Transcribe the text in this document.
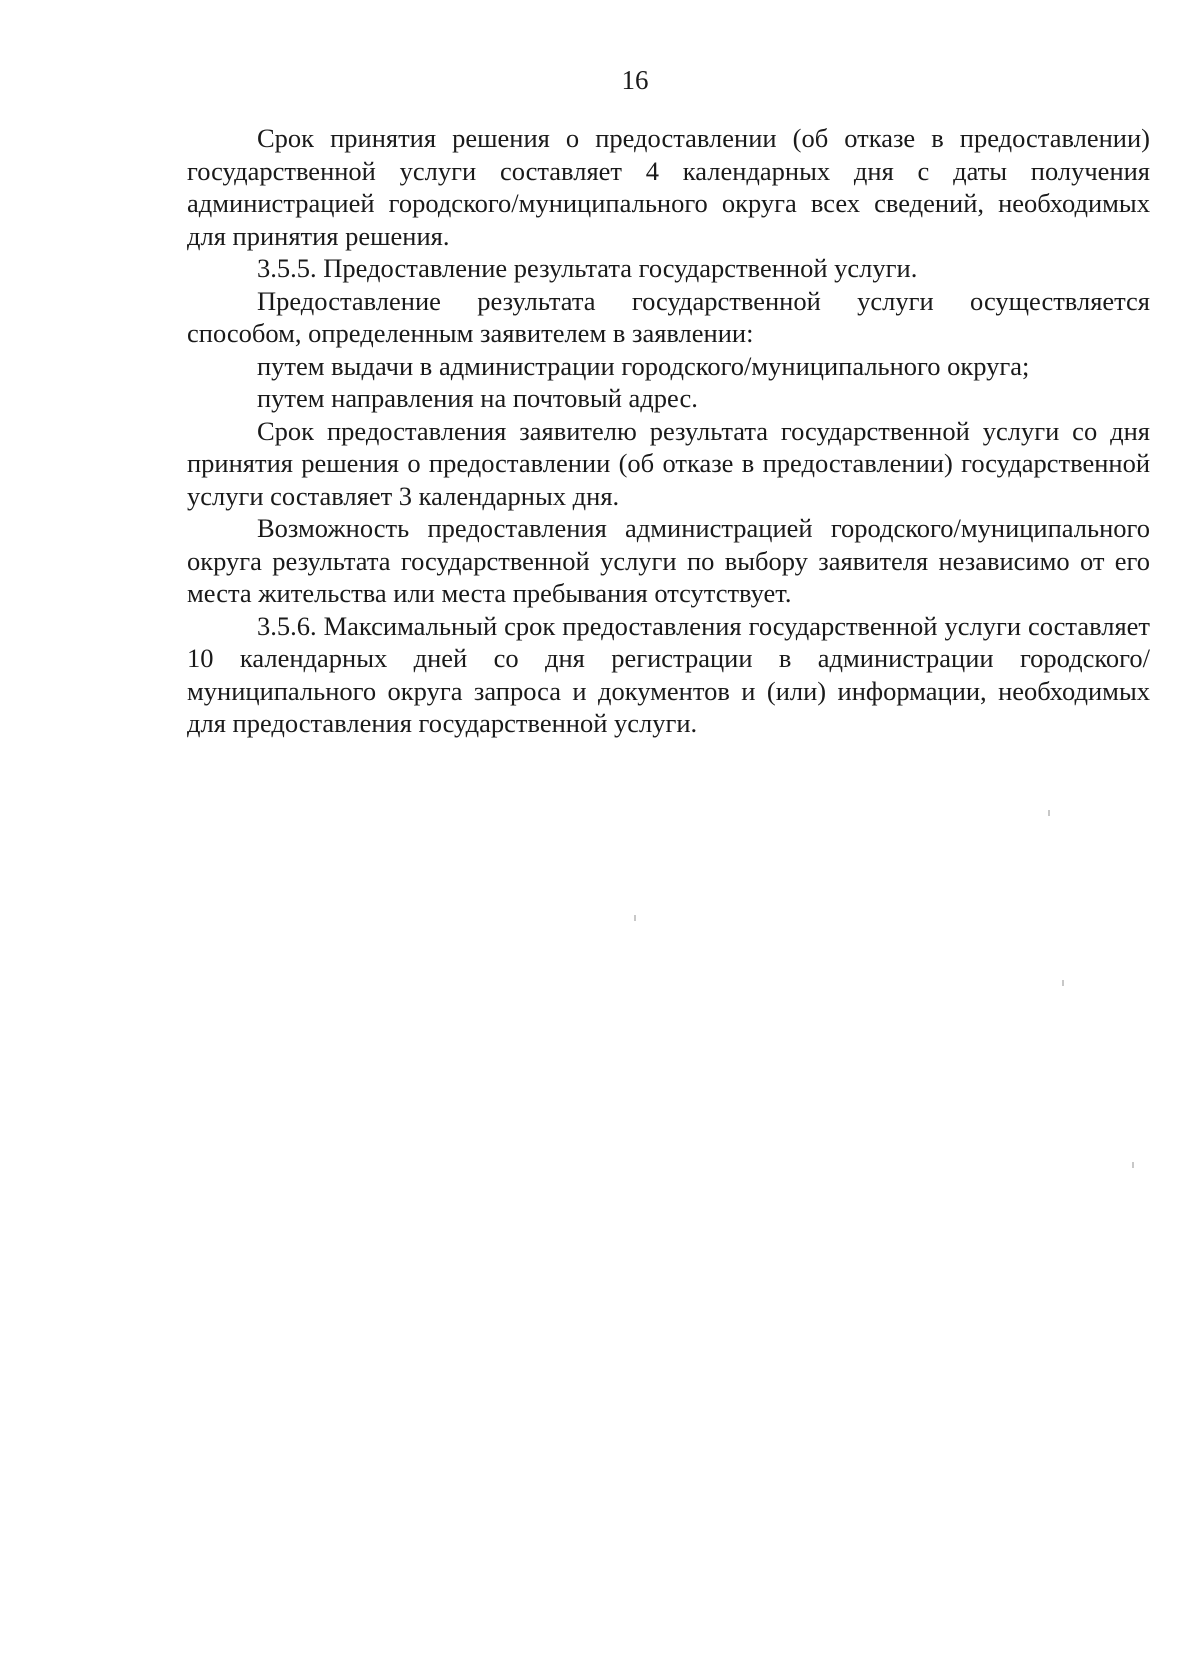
16

Срок принятия решения о предоставлении (об отказе в предоставлении) государственной услуги составляет 4 календарных дня с даты получения администрацией городского/муниципального округа всех сведений, необходимых для принятия решения.

3.5.5. Предоставление результата государственной услуги.

Предоставление результата государственной услуги осуществляется способом, определенным заявителем в заявлении:

путем выдачи в администрации городского/муниципального округа;

путем направления на почтовый адрес.

Срок предоставления заявителю результата государственной услуги со дня принятия решения о предоставлении (об отказе в предоставлении) государственной услуги составляет 3 календарных дня.

Возможность предоставления администрацией городского/муниципального округа результата государственной услуги по выбору заявителя независимо от его места жительства или места пребывания отсутствует.

3.5.6. Максимальный срок предоставления государственной услуги составляет 10 календарных дней со дня регистрации в администрации городского/муниципального округа запроса и документов и (или) информации, необходимых для предоставления государственной услуги.
